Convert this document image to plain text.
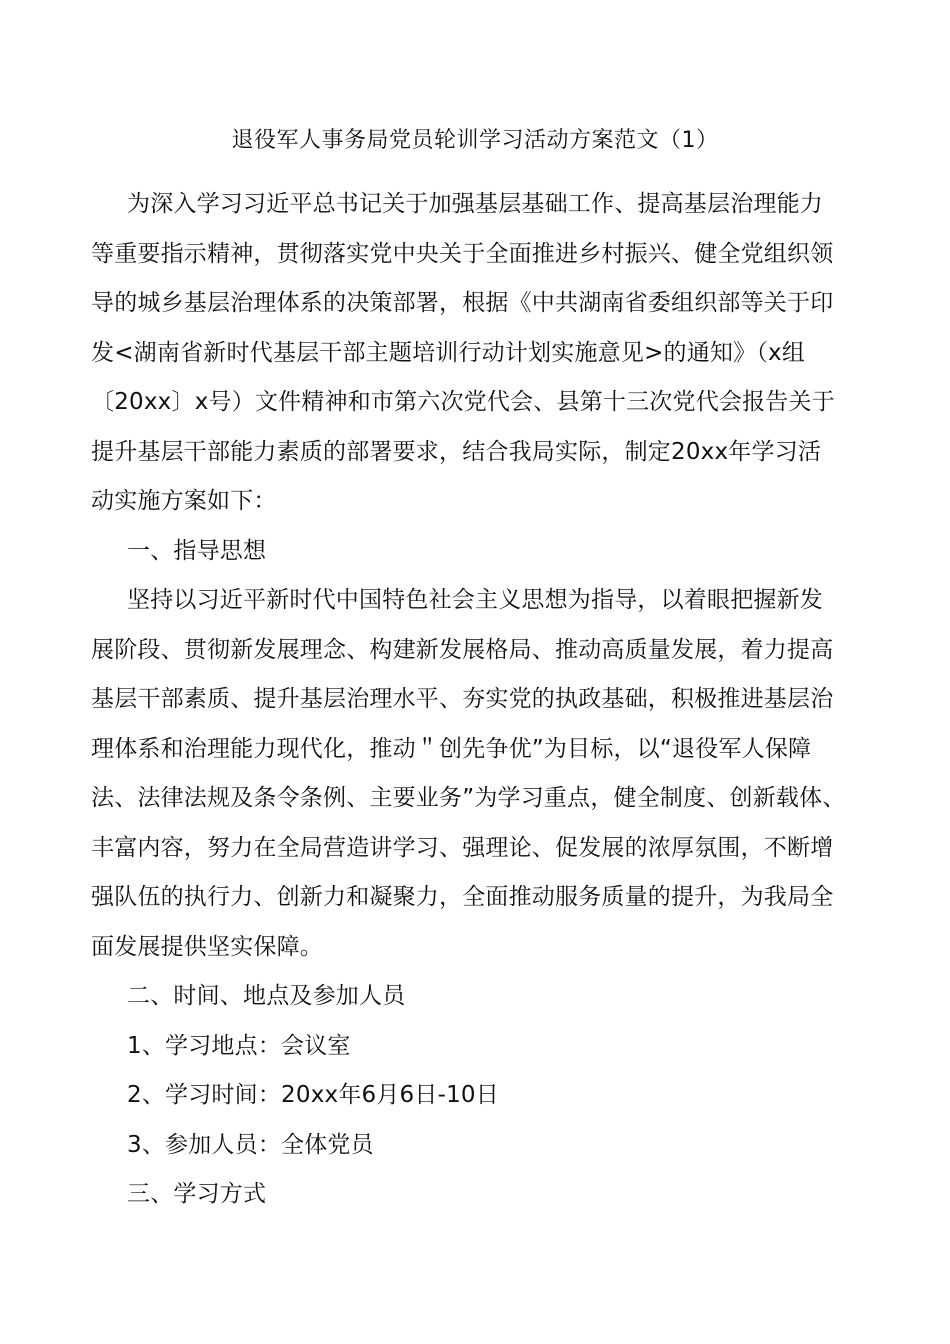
退役军人事务局党员轮训学习活动方案范文（1）
为深入学习习近平总书记关于加强基层基础工作、提高基层治理能力
等重要指示精神，贯彻落实党中央关于全面推进乡村振兴、健全党组织领
导的城乡基层治理体系的决策部署，根据《中共湖南省委组织部等关于印
发<湖南省新时代基层干部主题培训行动计划实施意见>的通知》（x组
〔20xx〕x号）文件精神和市第六次党代会、县第十三次党代会报告关于
提升基层干部能力素质的部署要求，结合我局实际，制定20xx年学习活
动实施方案如下：
一、指导思想
坚持以习近平新时代中国特色社会主义思想为指导，以着眼把握新发
展阶段、贯彻新发展理念、构建新发展格局、推动高质量发展，着力提高
基层干部素质、提升基层治理水平、夯实党的执政基础，积极推进基层治
理体系和治理能力现代化，推动＂创先争优”为目标，以“退役军人保障
法、法律法规及条令条例、主要业务”为学习重点，健全制度、创新载体、
丰富内容，努力在全局营造讲学习、强理论、促发展的浓厚氛围，不断增
强队伍的执行力、创新力和凝聚力，全面推动服务质量的提升，为我局全
面发展提供坚实保障。
二、时间、地点及参加人员
1、学习地点：会议室
2、学习时间：20xx年6月6日-10日
3、参加人员：全体党员
三、学习方式
